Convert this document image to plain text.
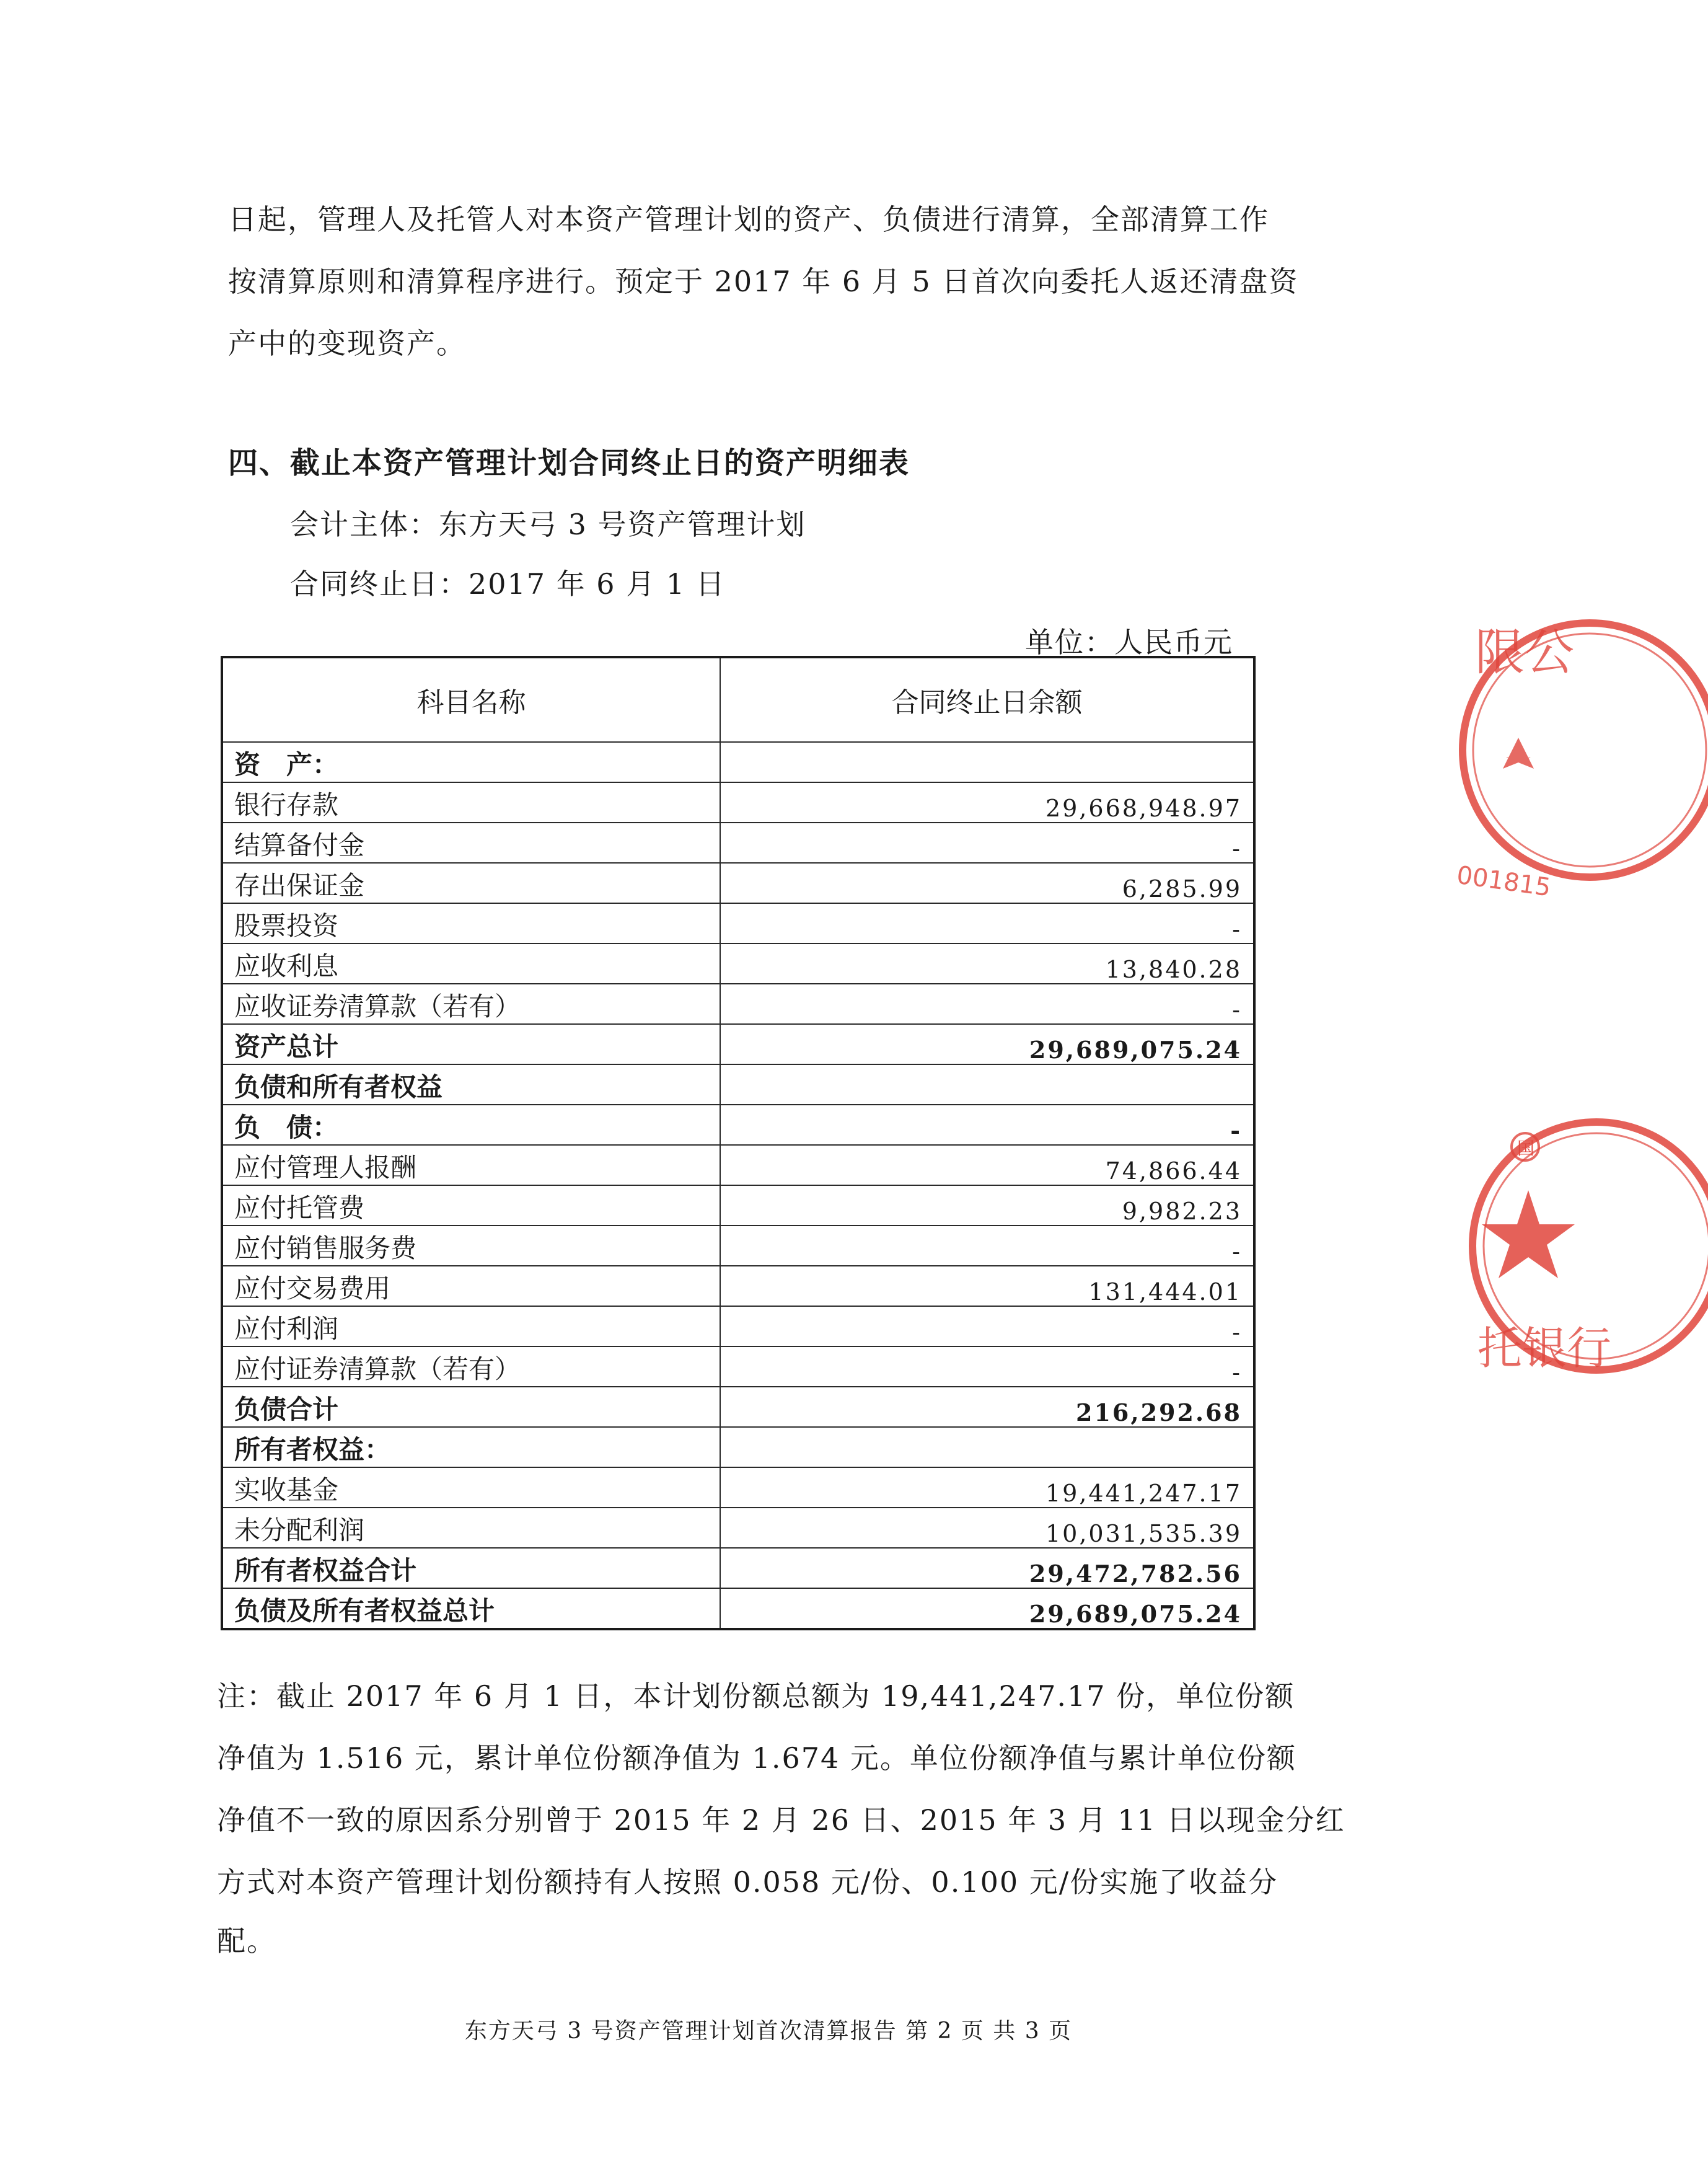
日起，管理人及托管人对本资产管理计划的资产、负债进行清算，全部清算工作
按清算原则和清算程序进行。预定于 2017 年 6 月 5 日首次向委托人返还清盘资
产中的变现资产。
四、截止本资产管理计划合同终止日的资产明细表
会计主体：东方天弓 3 号资产管理计划
合同终止日：2017 年 6 月 1 日
单位：人民币元
科目名称	合同终止日余额
资　产：	
银行存款	29,668,948.97
结算备付金	-
存出保证金	6,285.99
股票投资	-
应收利息	13,840.28
应收证券清算款（若有）	-
资产总计	29,689,075.24
负债和所有者权益	
负　债：	-
应付管理人报酬	74,866.44
应付托管费	9,982.23
应付销售服务费	-
应付交易费用	131,444.01
应付利润	-
应付证券清算款（若有）	-
负债合计	216,292.68
所有者权益：	
实收基金	19,441,247.17
未分配利润	10,031,535.39
所有者权益合计	29,472,782.56
负债及所有者权益总计	29,689,075.24
注：截止 2017 年 6 月 1 日，本计划份额总额为 19,441,247.17 份，单位份额
净值为 1.516 元，累计单位份额净值为 1.674 元。单位份额净值与累计单位份额
净值不一致的原因系分别曾于 2015 年 2 月 26 日、2015 年 3 月 11 日以现金分红
方式对本资产管理计划份额持有人按照 0.058 元/份、0.100 元/份实施了收益分
配。
东方天弓 3 号资产管理计划首次清算报告 第 2 页 共 3 页
限公
001815
国
托银行
